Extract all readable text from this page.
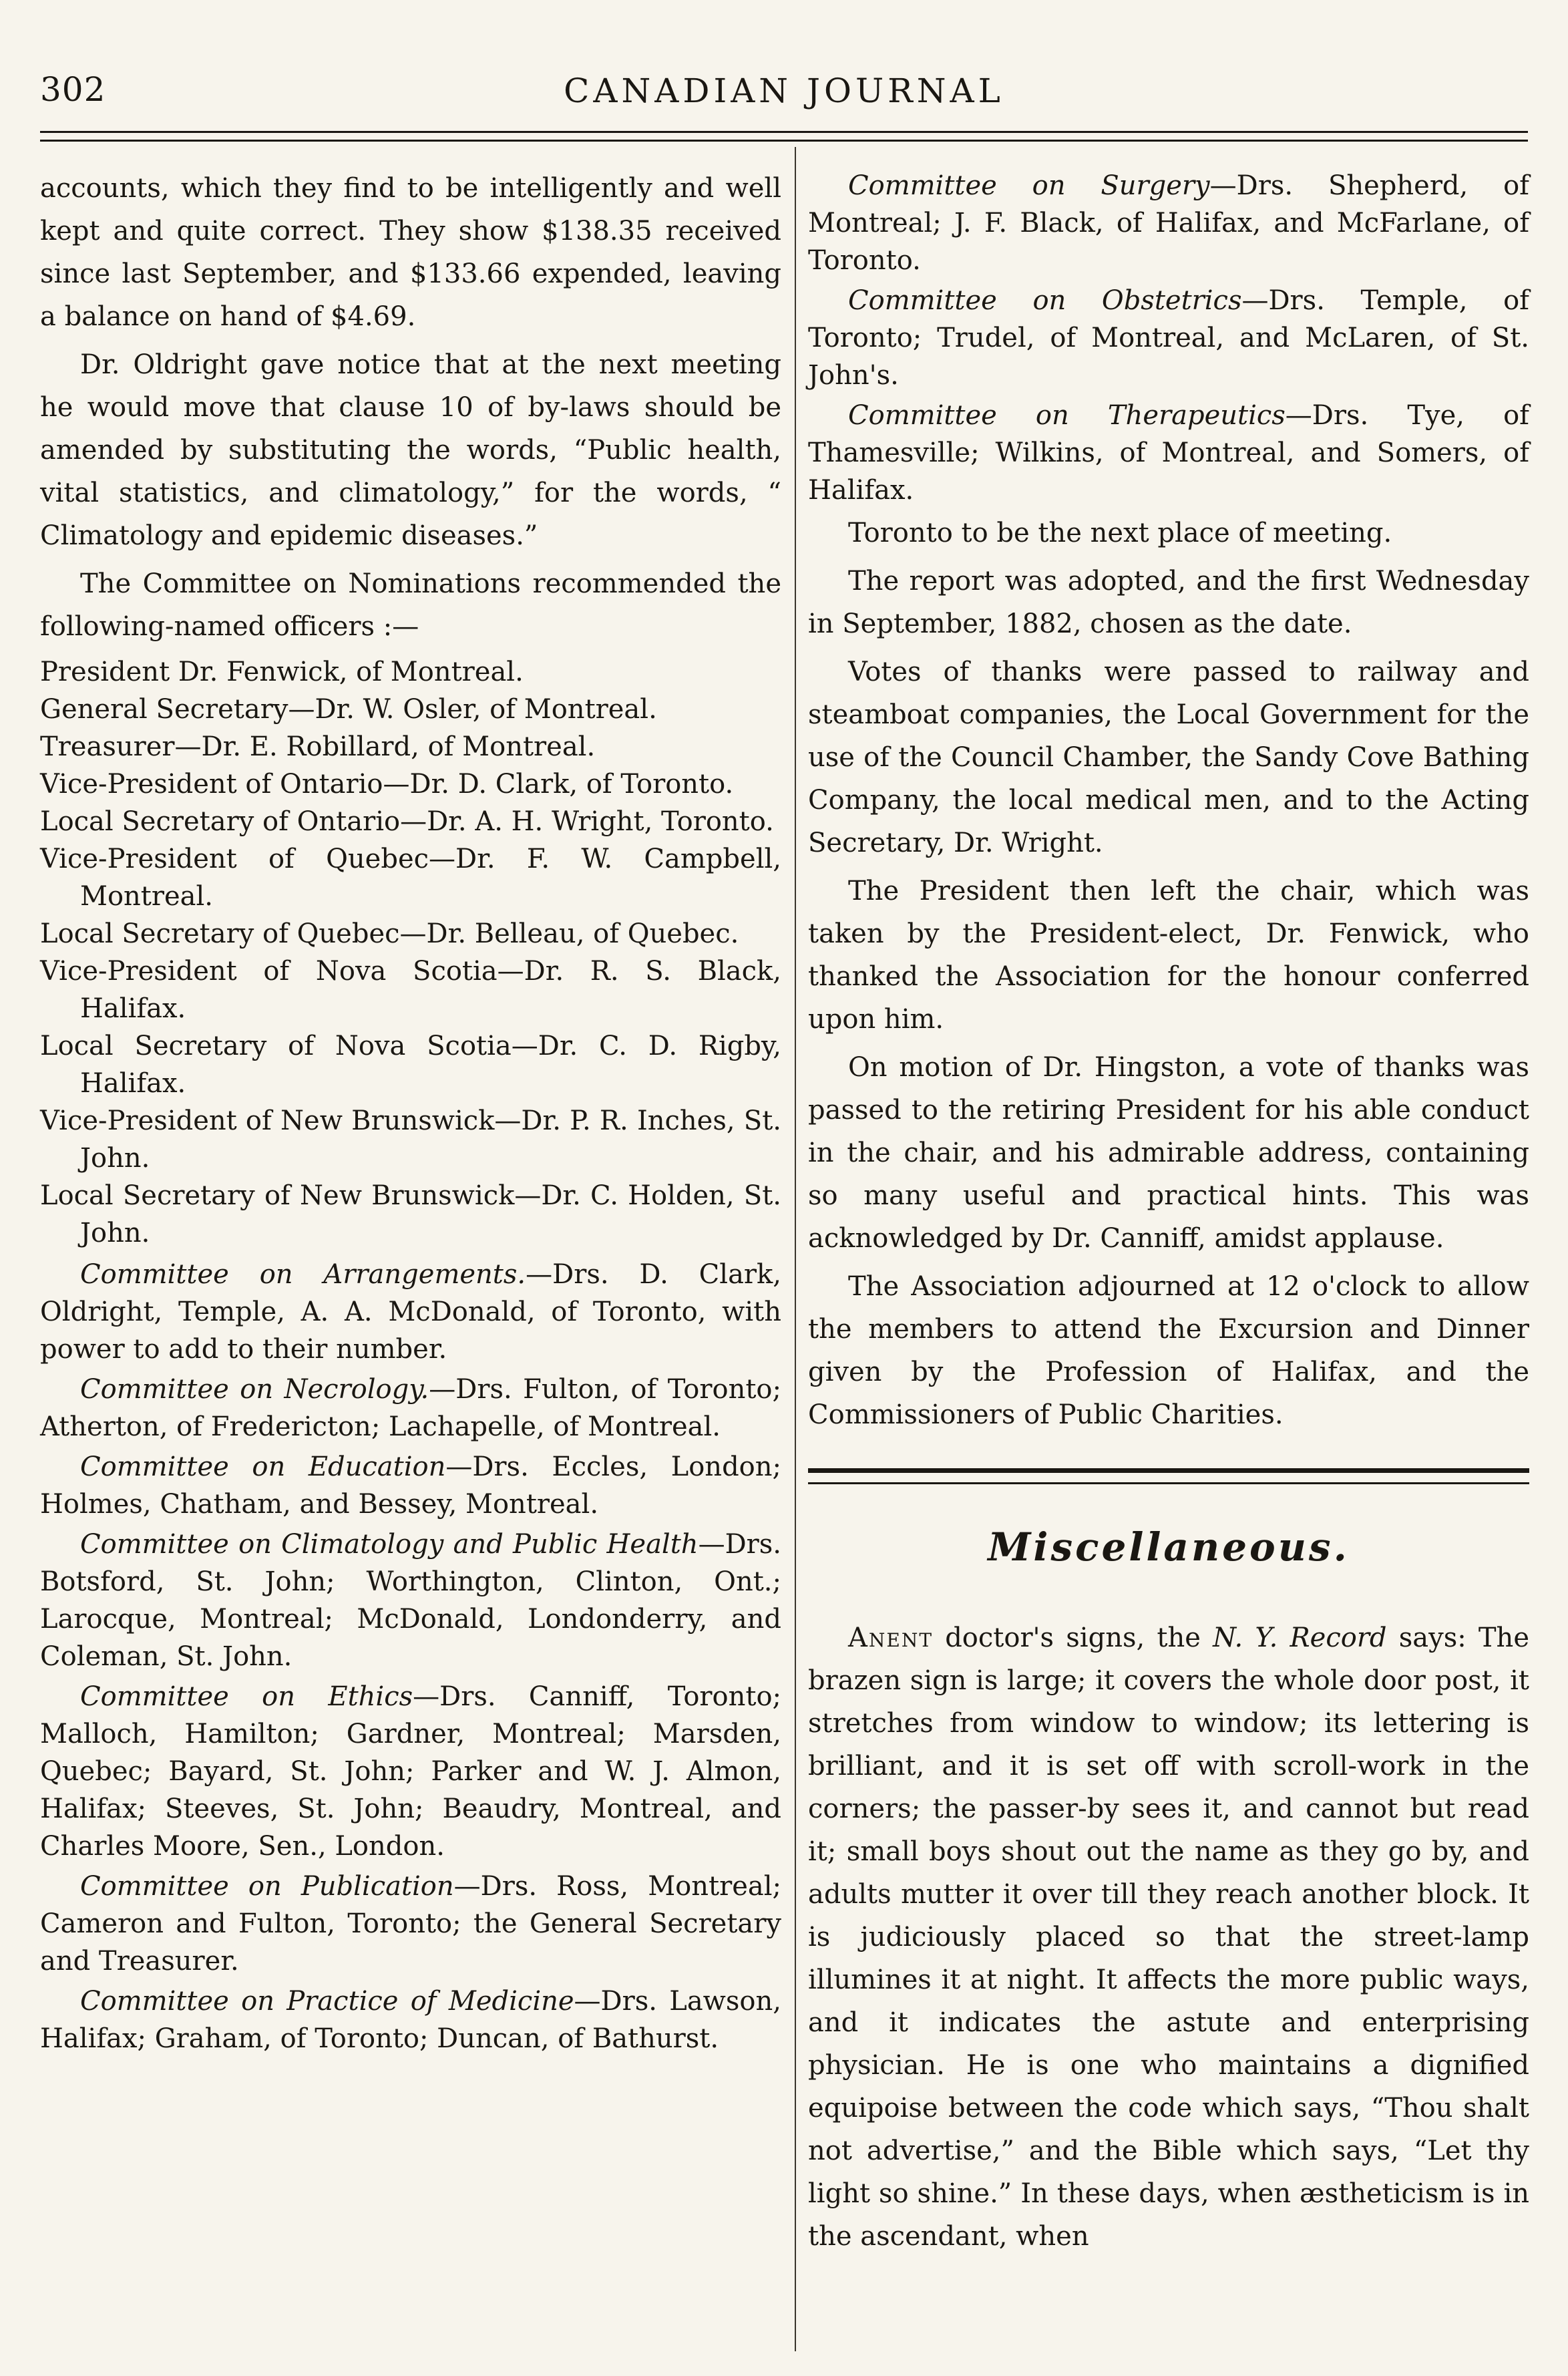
302	CANADIAN JOURNAL

accounts, which they find to be intelligently and well kept and quite correct. They show $138.35 received since last September, and $133.66 expended, leaving a balance on hand of $4.69.

Dr. Oldright gave notice that at the next meeting he would move that clause 10 of by-laws should be amended by substituting the words, “Public health, vital statistics, and climatology,” for the words, “ Climatology and epidemic diseases.”

The Committee on Nominations recommended the following-named officers :—

President Dr. Fenwick, of Montreal.

General Secretary—Dr. W. Osler, of Montreal.

Treasurer—Dr. E. Robillard, of Montreal.

Vice-President of Ontario—Dr. D. Clark, of Toronto.

Local Secretary of Ontario—Dr. A. H. Wright, Toronto.

Vice-President of Quebec—Dr. F. W. Campbell, Montreal.

Local Secretary of Quebec—Dr. Belleau, of Quebec.

Vice-President of Nova Scotia—Dr. R. S. Black, Halifax.

Local Secretary of Nova Scotia—Dr. C. D. Rigby, Halifax.

Vice-President of New Brunswick—Dr. P. R. Inches, St. John.

Local Secretary of New Brunswick—Dr. C. Holden, St. John.

Committee on Arrangements.—Drs. D. Clark, Oldright, Temple, A. A. McDonald, of Toronto, with power to add to their number.

Committee on Necrology.—Drs. Fulton, of Toronto; Atherton, of Fredericton; Lachapelle, of Montreal.

Committee on Education—Drs. Eccles, London; Holmes, Chatham, and Bessey, Montreal.

Committee on Climatology and Public Health—Drs. Botsford, St. John; Worthington, Clinton, Ont.; Larocque, Montreal; McDonald, Londonderry, and Coleman, St. John.

Committee on Ethics—Drs. Canniff, Toronto; Malloch, Hamilton; Gardner, Montreal; Marsden, Quebec; Bayard, St. John; Parker and W. J. Almon, Halifax; Steeves, St. John; Beaudry, Montreal, and Charles Moore, Sen., London.

Committee on Publication—Drs. Ross, Montreal; Cameron and Fulton, Toronto; the General Secretary and Treasurer.

Committee on Practice of Medicine—Drs. Lawson, Halifax; Graham, of Toronto; Duncan, of Bathurst.

Committee on Surgery—Drs. Shepherd, of Montreal; J. F. Black, of Halifax, and McFarlane, of Toronto.

Committee on Obstetrics—Drs. Temple, of Toronto; Trudel, of Montreal, and McLaren, of St. John's.

Committee on Therapeutics—Drs. Tye, of Thamesville; Wilkins, of Montreal, and Somers, of Halifax.

Toronto to be the next place of meeting.

The report was adopted, and the first Wednesday in September, 1882, chosen as the date.

Votes of thanks were passed to railway and steamboat companies, the Local Government for the use of the Council Chamber, the Sandy Cove Bathing Company, the local medical men, and to the Acting Secretary, Dr. Wright.

The President then left the chair, which was taken by the President-elect, Dr. Fenwick, who thanked the Association for the honour conferred upon him.

On motion of Dr. Hingston, a vote of thanks was passed to the retiring President for his able conduct in the chair, and his admirable address, containing so many useful and practical hints. This was acknowledged by Dr. Canniff, amidst applause.

The Association adjourned at 12 o'clock to allow the members to attend the Excursion and Dinner given by the Profession of Halifax, and the Commissioners of Public Charities.

Miscellaneous.

Anent doctor's signs, the N. Y. Record says: The brazen sign is large; it covers the whole door post, it stretches from window to window; its lettering is brilliant, and it is set off with scroll-work in the corners; the passer-by sees it, and cannot but read it; small boys shout out the name as they go by, and adults mutter it over till they reach another block. It is judiciously placed so that the street-lamp illumines it at night. It affects the more public ways, and it indicates the astute and enterprising physician. He is one who maintains a dignified equipoise between the code which says, “Thou shalt not advertise,” and the Bible which says, “Let thy light so shine.” In these days, when æstheticism is in the ascendant, when
